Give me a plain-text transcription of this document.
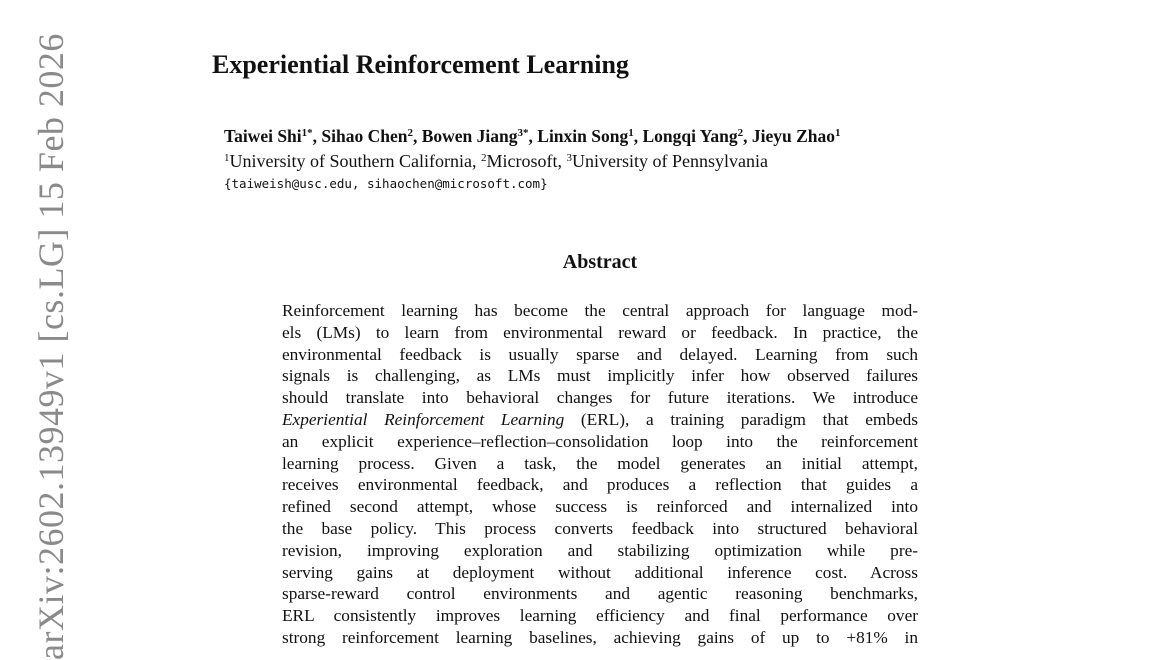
arXiv:2602.13949v1 [cs.LG] 15 Feb 2026	Experiential Reinforcement Learning
Taiwei Shi$^{1*}$, Sihao Chen$^2$, Bowen Jiang$^{3*}$, Linxin Song$^1$, Longqi Yang$^2$, Jieyu Zhao$^1$
$^1$University of Southern California, $^2$Microsoft, $^3$University of Pennsylvania
{taiweish@usc.edu, sihaochen@microsoft.com}
Abstract
Reinforcement learning has become the central approach for language mod-
els (LMs) to learn from environmental reward or feedback. In practice, the
environmental feedback is usually sparse and delayed. Learning from such
signals is challenging, as LMs must implicitly infer how observed failures
should translate into behavioral changes for future iterations. We introduce
Experiential Reinforcement Learning (ERL), a training paradigm that embeds
an explicit experience–reflection–consolidation loop into the reinforcement
learning process. Given a task, the model generates an initial attempt,
receives environmental feedback, and produces a reflection that guides a
refined second attempt, whose success is reinforced and internalized into
the base policy. This process converts feedback into structured behavioral
revision, improving exploration and stabilizing optimization while pre-
serving gains at deployment without additional inference cost. Across
sparse-reward control environments and agentic reasoning benchmarks,
ERL consistently improves learning efficiency and final performance over
strong reinforcement learning baselines, achieving gains of up to +81% in
